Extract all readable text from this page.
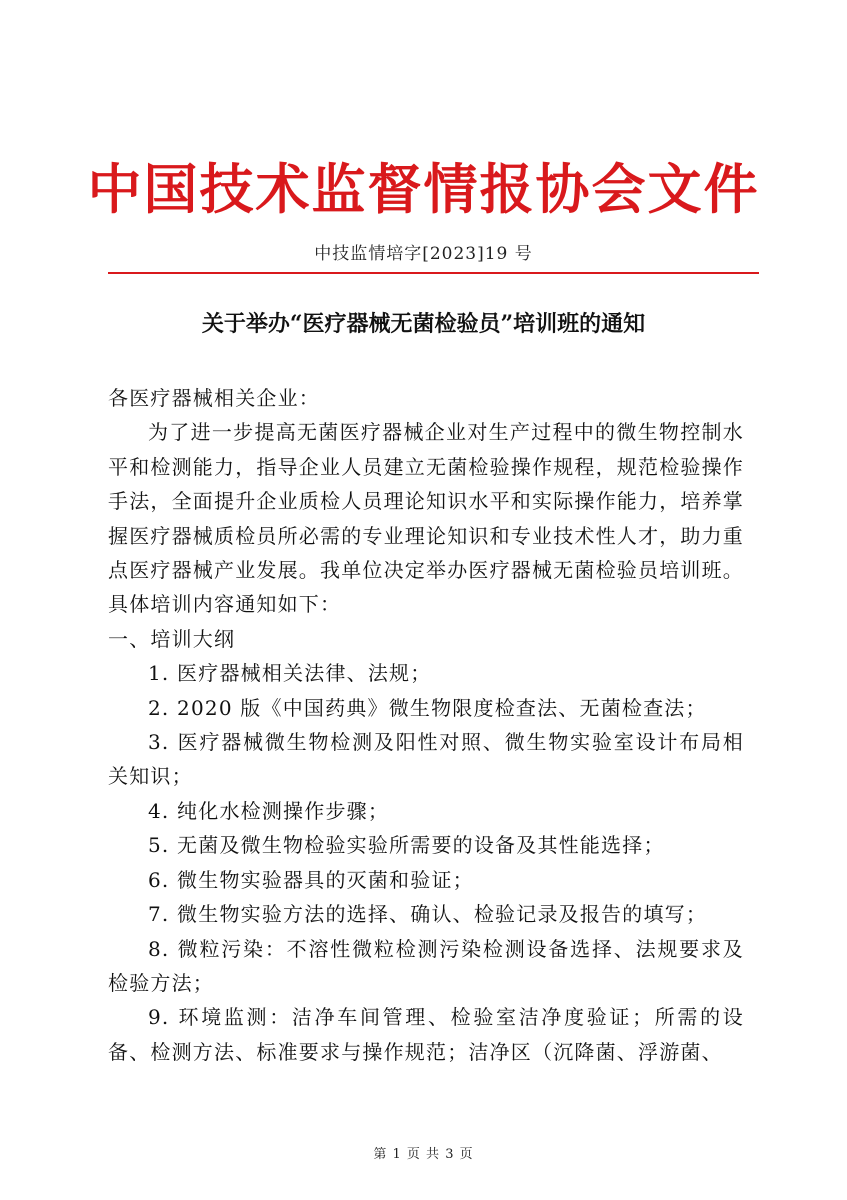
中国技术监督情报协会文件
中技监情培字[2023]19 号
关于举办“医疗器械无菌检验员”培训班的通知

各医疗器械相关企业：

为了进一步提高无菌医疗器械企业对生产过程中的微生物控制水平和检测能力，指导企业人员建立无菌检验操作规程，规范检验操作手法，全面提升企业质检人员理论知识水平和实际操作能力，培养掌握医疗器械质检员所必需的专业理论知识和专业技术性人才，助力重点医疗器械产业发展。我单位决定举办医疗器械无菌检验员培训班。具体培训内容通知如下：

一、培训大纲

1. 医疗器械相关法律、法规；

2. 2020 版《中国药典》微生物限度检查法、无菌检查法；

3. 医疗器械微生物检测及阳性对照、微生物实验室设计布局相关知识；

4. 纯化水检测操作步骤；

5. 无菌及微生物检验实验所需要的设备及其性能选择；

6. 微生物实验器具的灭菌和验证；

7. 微生物实验方法的选择、确认、检验记录及报告的填写；

8. 微粒污染：不溶性微粒检测污染检测设备选择、法规要求及检验方法；

9. 环境监测：洁净车间管理、检验室洁净度验证；所需的设备、检测方法、标准要求与操作规范；洁净区（沉降菌、浮游菌、

第 1 页 共 3 页
